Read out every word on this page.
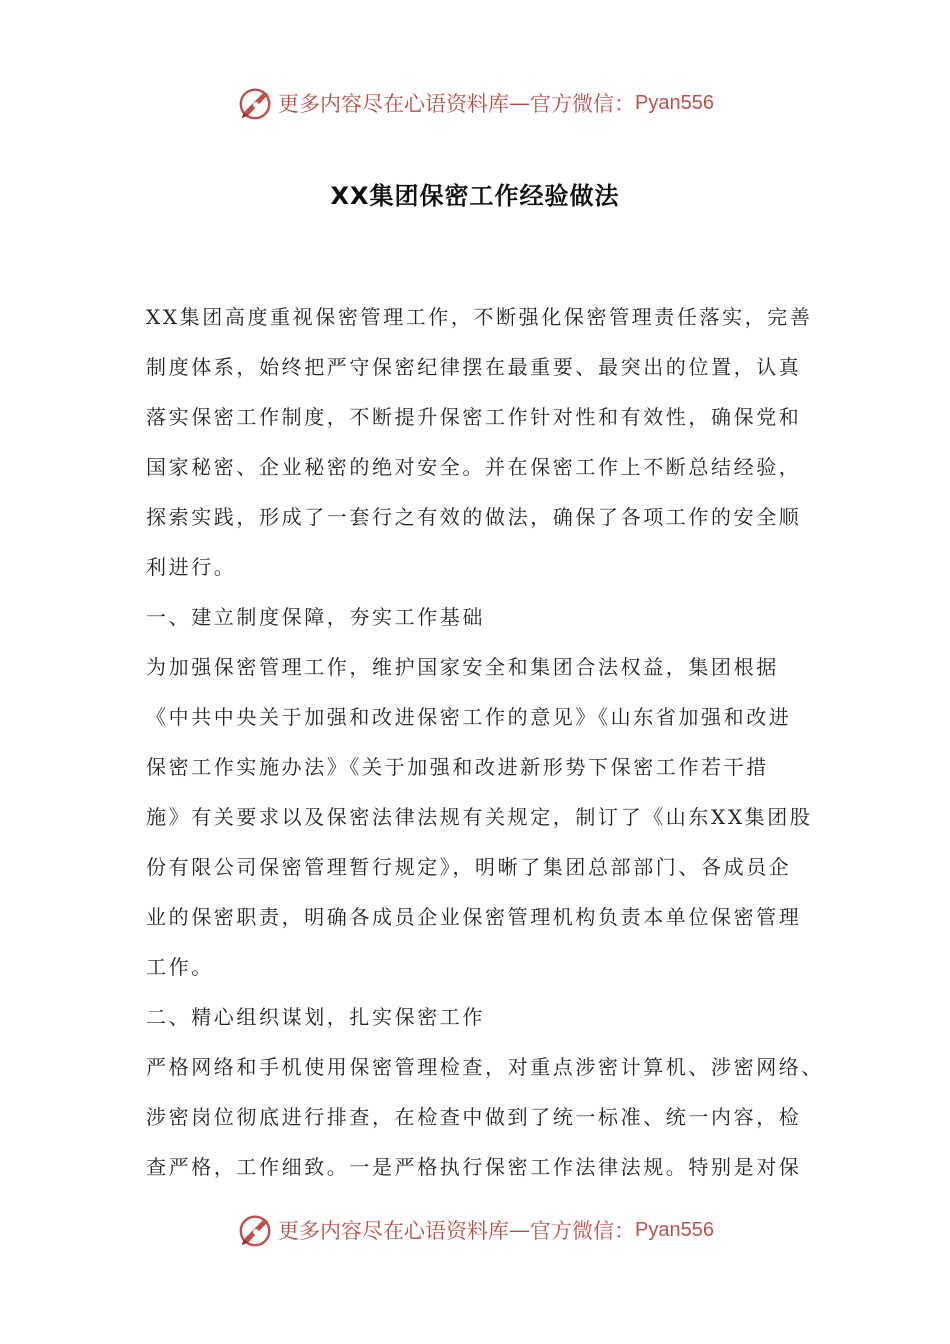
更多内容尽在心语资料库 — 官方微信： Pyan556
XX集团保密工作经验做法
XX集团高度重视保密管理工作，不断强化保密管理责任落实，完善
制度体系，始终把严守保密纪律摆在最重要、最突出的位置，认真
落实保密工作制度，不断提升保密工作针对性和有效性，确保党和
国家秘密、企业秘密的绝对安全。并在保密工作上不断总结经验，
探索实践，形成了一套行之有效的做法，确保了各项工作的安全顺
利进行。
一、建立制度保障，夯实工作基础
为加强保密管理工作，维护国家安全和集团合法权益，集团根据
《中共中央关于加强和改进保密工作的意见》《山东省加强和改进
保密工作实施办法》《关于加强和改进新形势下保密工作若干措
施》有关要求以及保密法律法规有关规定，制订了《山东XX集团股
份有限公司保密管理暂行规定》，明晰了集团总部部门、各成员企
业的保密职责，明确各成员企业保密管理机构负责本单位保密管理
工作。
二、精心组织谋划，扎实保密工作
严格网络和手机使用保密管理检查，对重点涉密计算机、涉密网络、
涉密岗位彻底进行排查，在检查中做到了统一标准、统一内容，检
查严格，工作细致。一是严格执行保密工作法律法规。特别是对保
更多内容尽在心语资料库 — 官方微信： Pyan556
